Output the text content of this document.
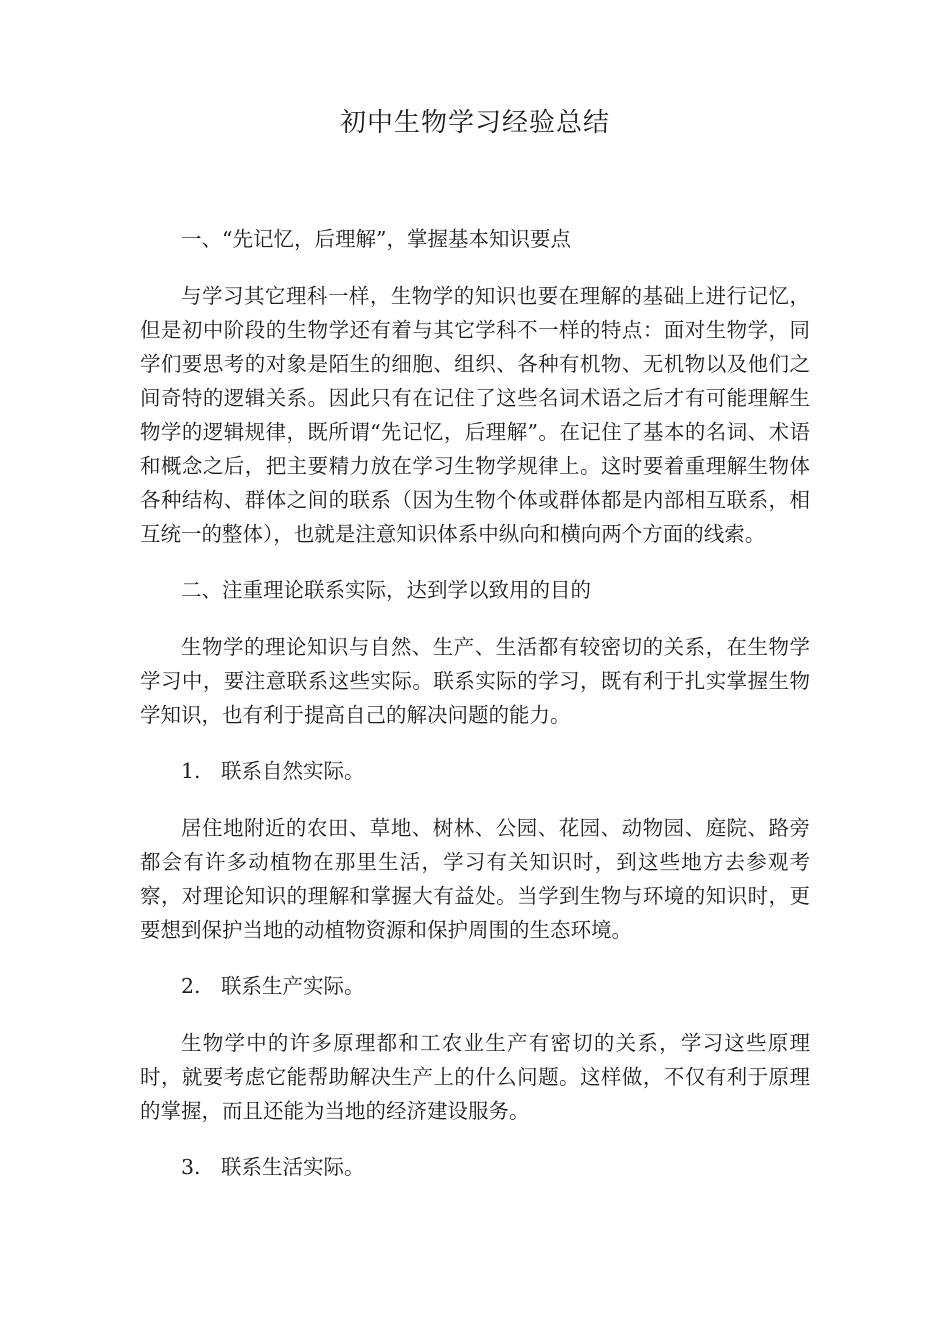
初中生物学习经验总结

一、“先记忆，后理解”，掌握基本知识要点

与学习其它理科一样，生物学的知识也要在理解的基础上进行记忆，但是初中阶段的生物学还有着与其它学科不一样的特点：面对生物学，同学们要思考的对象是陌生的细胞、组织、各种有机物、无机物以及他们之间奇特的逻辑关系。因此只有在记住了这些名词术语之后才有可能理解生物学的逻辑规律，既所谓“先记忆，后理解”。在记住了基本的名词、术语和概念之后，把主要精力放在学习生物学规律上。这时要着重理解生物体各种结构、群体之间的联系（因为生物个体或群体都是内部相互联系，相互统一的整体），也就是注意知识体系中纵向和横向两个方面的线索。

二、注重理论联系实际，达到学以致用的目的

生物学的理论知识与自然、生产、生活都有较密切的关系，在生物学学习中，要注意联系这些实际。联系实际的学习，既有利于扎实掌握生物学知识，也有利于提高自己的解决问题的能力。

1.　联系自然实际。

居住地附近的农田、草地、树林、公园、花园、动物园、庭院、路旁都会有许多动植物在那里生活，学习有关知识时，到这些地方去参观考察，对理论知识的理解和掌握大有益处。当学到生物与环境的知识时，更要想到保护当地的动植物资源和保护周围的生态环境。

2.　联系生产实际。

生物学中的许多原理都和工农业生产有密切的关系，学习这些原理时，就要考虑它能帮助解决生产上的什么问题。这样做，不仅有利于原理的掌握，而且还能为当地的经济建设服务。

3.　联系生活实际。
